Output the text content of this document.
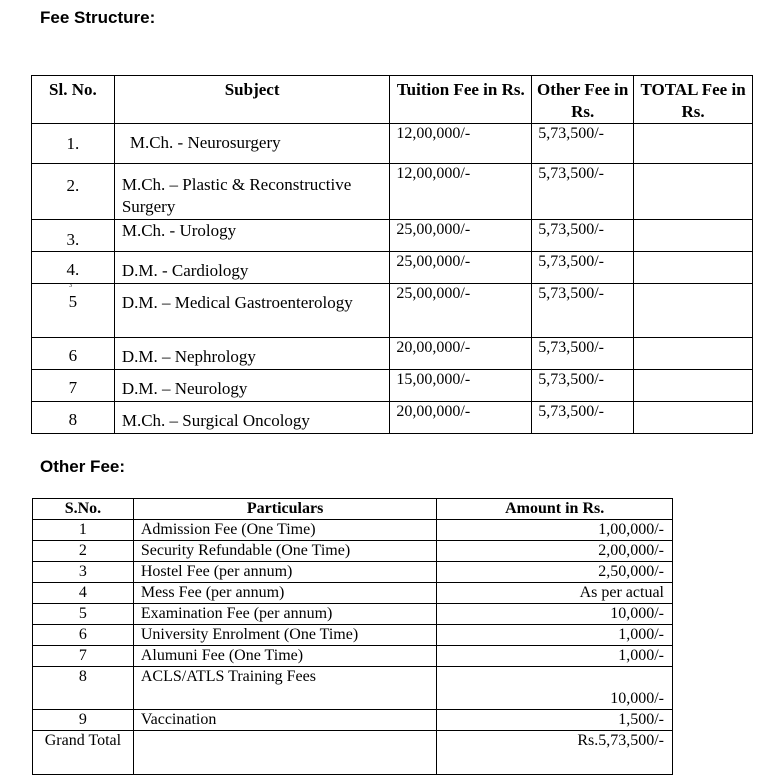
Fee Structure:
Sl. No.	Subject	Tuition Fee in Rs.	Other Fee in Rs.	TOTAL Fee in Rs.
1.	M.Ch. - Neurosurgery	12,00,000/-	5,73,500/-	
2.	M.Ch. – Plastic & Reconstructive Surgery	12,00,000/-	5,73,500/-	
3.	M.Ch. - Urology	25,00,000/-	5,73,500/-	
4.	D.M. - Cardiology	25,00,000/-	5,73,500/-	
5	D.M. – Medical Gastroenterology	25,00,000/-	5,73,500/-	
6	D.M. – Nephrology	20,00,000/-	5,73,500/-	
7	D.M. – Neurology	15,00,000/-	5,73,500/-	
8	M.Ch. – Surgical Oncology	20,00,000/-	5,73,500/-	
3
Other Fee:
S.No.	Particulars	Amount in Rs.
1	Admission Fee (One Time)	1,00,000/-
2	Security Refundable (One Time)	2,00,000/-
3	Hostel Fee (per annum)	2,50,000/-
4	Mess Fee (per annum)	As per actual
5	Examination Fee (per annum)	10,000/-
6	University Enrolment (One Time)	1,000/-
7	Alumuni Fee (One Time)	1,000/-
8	ACLS/ATLS Training Fees	10,000/-
9	Vaccination	1,500/-
Grand Total		Rs.5,73,500/-
